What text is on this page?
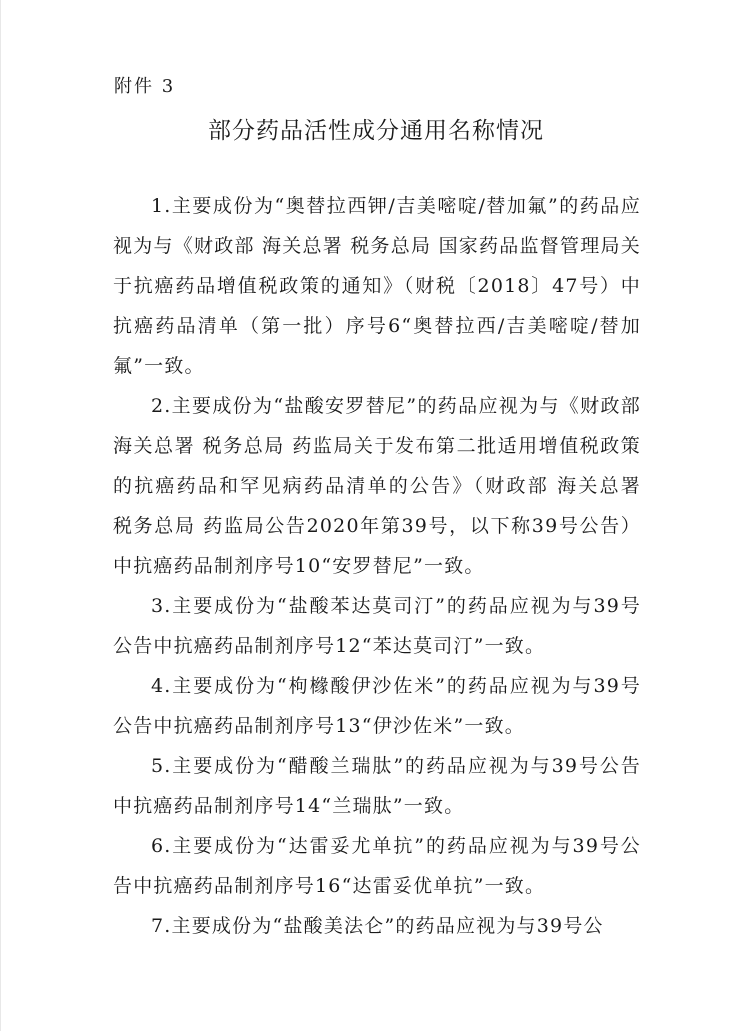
附件 3
部分药品活性成分通用名称情况

1.主要成份为“奥替拉西钾/吉美嘧啶/替加氟”的药品应视为与《财政部 海关总署 税务总局 国家药品监督管理局关于抗癌药品增值税政策的通知》（财税〔2018〕47号）中抗癌药品清单（第一批）序号6“奥替拉西/吉美嘧啶/替加氟”一致。

2.主要成份为“盐酸安罗替尼”的药品应视为与《财政部 海关总署 税务总局 药监局关于发布第二批适用增值税政策的抗癌药品和罕见病药品清单的公告》（财政部 海关总署 税务总局 药监局公告2020年第39号，以下称39号公告）中抗癌药品制剂序号10“安罗替尼”一致。

3.主要成份为“盐酸苯达莫司汀”的药品应视为与39号公告中抗癌药品制剂序号12“苯达莫司汀”一致。

4.主要成份为“枸橼酸伊沙佐米”的药品应视为与39号公告中抗癌药品制剂序号13“伊沙佐米”一致。

5.主要成份为“醋酸兰瑞肽”的药品应视为与39号公告中抗癌药品制剂序号14“兰瑞肽”一致。

6.主要成份为“达雷妥尤单抗”的药品应视为与39号公告中抗癌药品制剂序号16“达雷妥优单抗”一致。

7.主要成份为“盐酸美法仑”的药品应视为与39号公
